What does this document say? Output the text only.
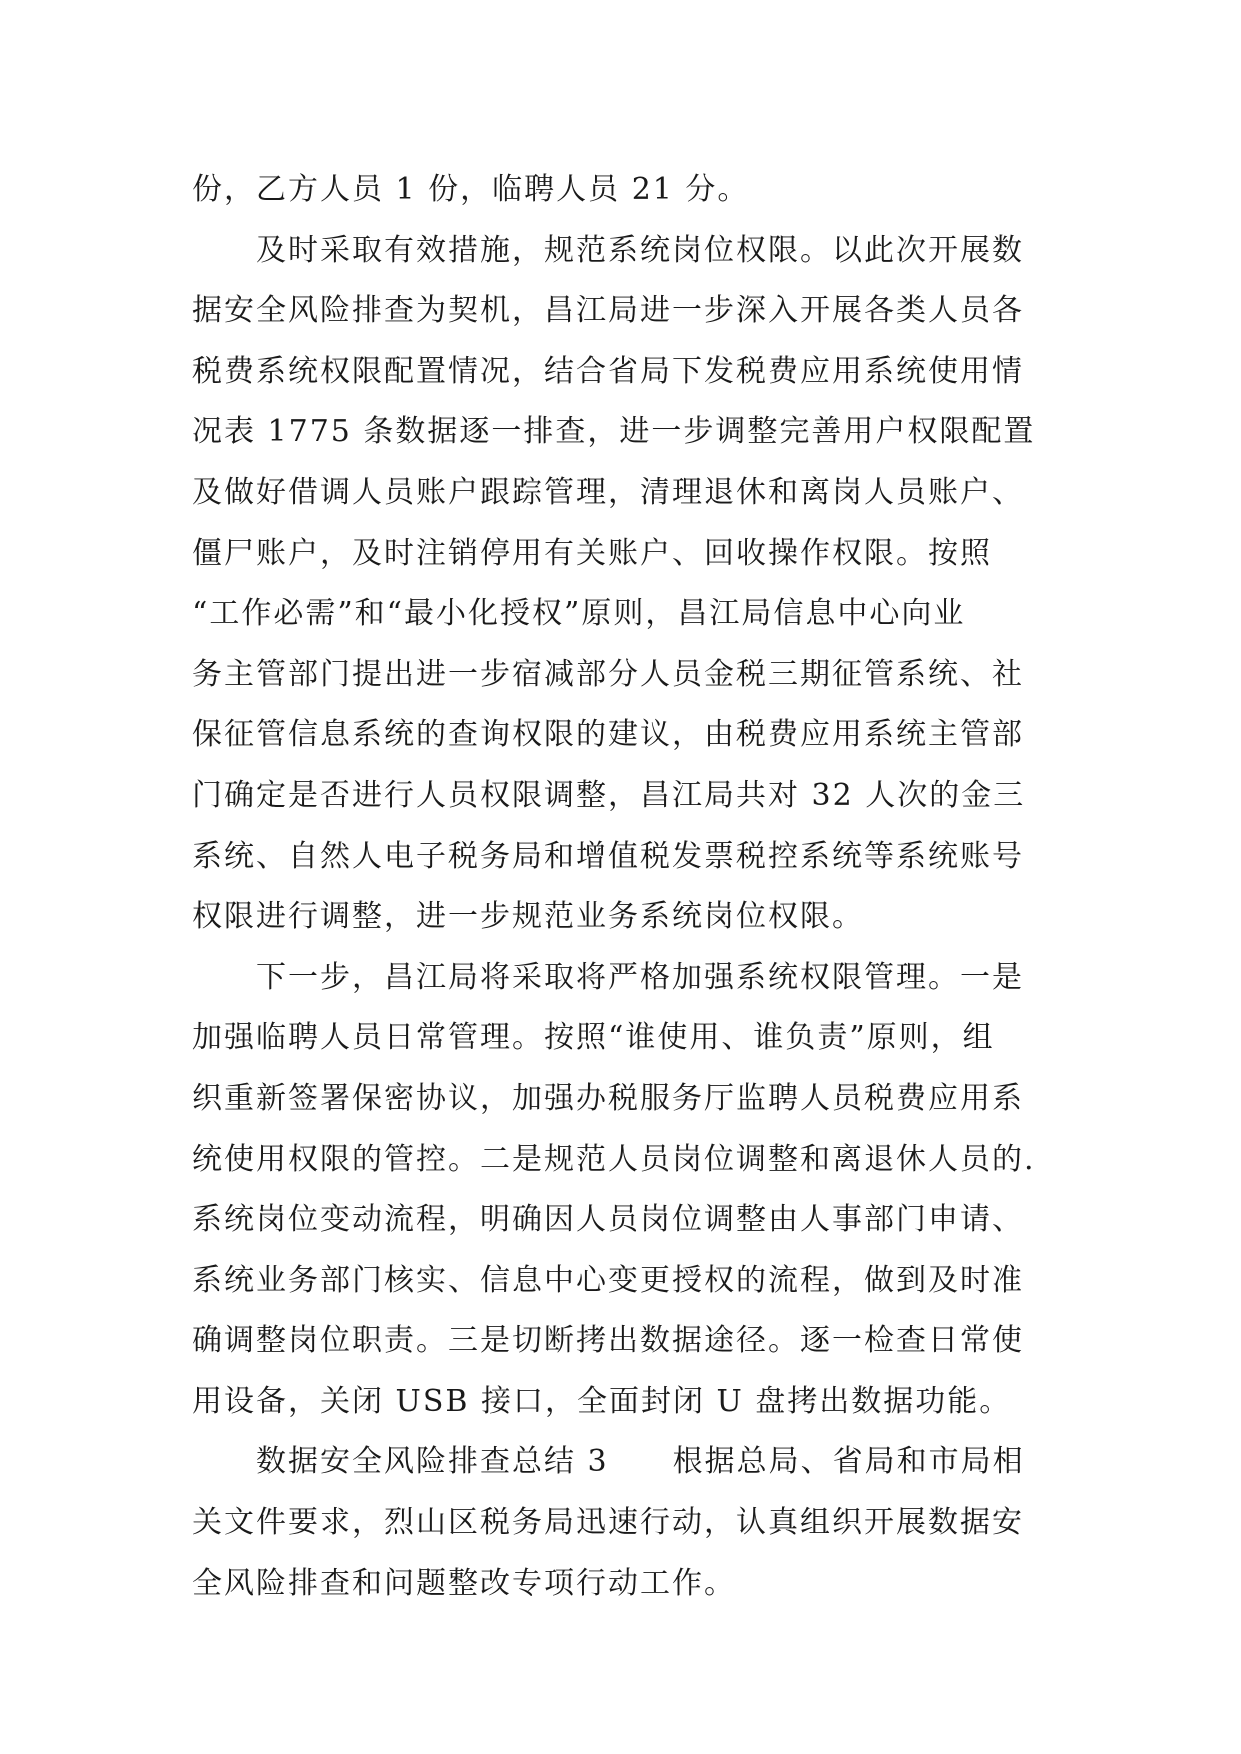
份，乙方人员 1 份，临聘人员 21 分。
　　及时采取有效措施，规范系统岗位权限。以此次开展数
据安全风险排查为契机，昌江局进一步深入开展各类人员各
税费系统权限配置情况，结合省局下发税费应用系统使用情
况表 1775 条数据逐一排查，进一步调整完善用户权限配置
及做好借调人员账户跟踪管理，清理退休和离岗人员账户、
僵尸账户，及时注销停用有关账户、回收操作权限。按照
“工作必需”和“最小化授权”原则，昌江局信息中心向业
务主管部门提出进一步宿减部分人员金税三期征管系统、社
保征管信息系统的查询权限的建议，由税费应用系统主管部
门确定是否进行人员权限调整，昌江局共对 32 人次的金三
系统、自然人电子税务局和增值税发票税控系统等系统账号
权限进行调整，进一步规范业务系统岗位权限。
　　下一步，昌江局将采取将严格加强系统权限管理。一是
加强临聘人员日常管理。按照“谁使用、谁负责”原则，组
织重新签署保密协议，加强办税服务厅监聘人员税费应用系
统使用权限的管控。二是规范人员岗位调整和离退休人员的.
系统岗位变动流程，明确因人员岗位调整由人事部门申请、
系统业务部门核实、信息中心变更授权的流程，做到及时准
确调整岗位职责。三是切断拷出数据途径。逐一检查日常使
用设备，关闭 USB 接口，全面封闭 U 盘拷出数据功能。
　　数据安全风险排查总结 3　　根据总局、省局和市局相
关文件要求，烈山区税务局迅速行动，认真组织开展数据安
全风险排查和问题整改专项行动工作。
